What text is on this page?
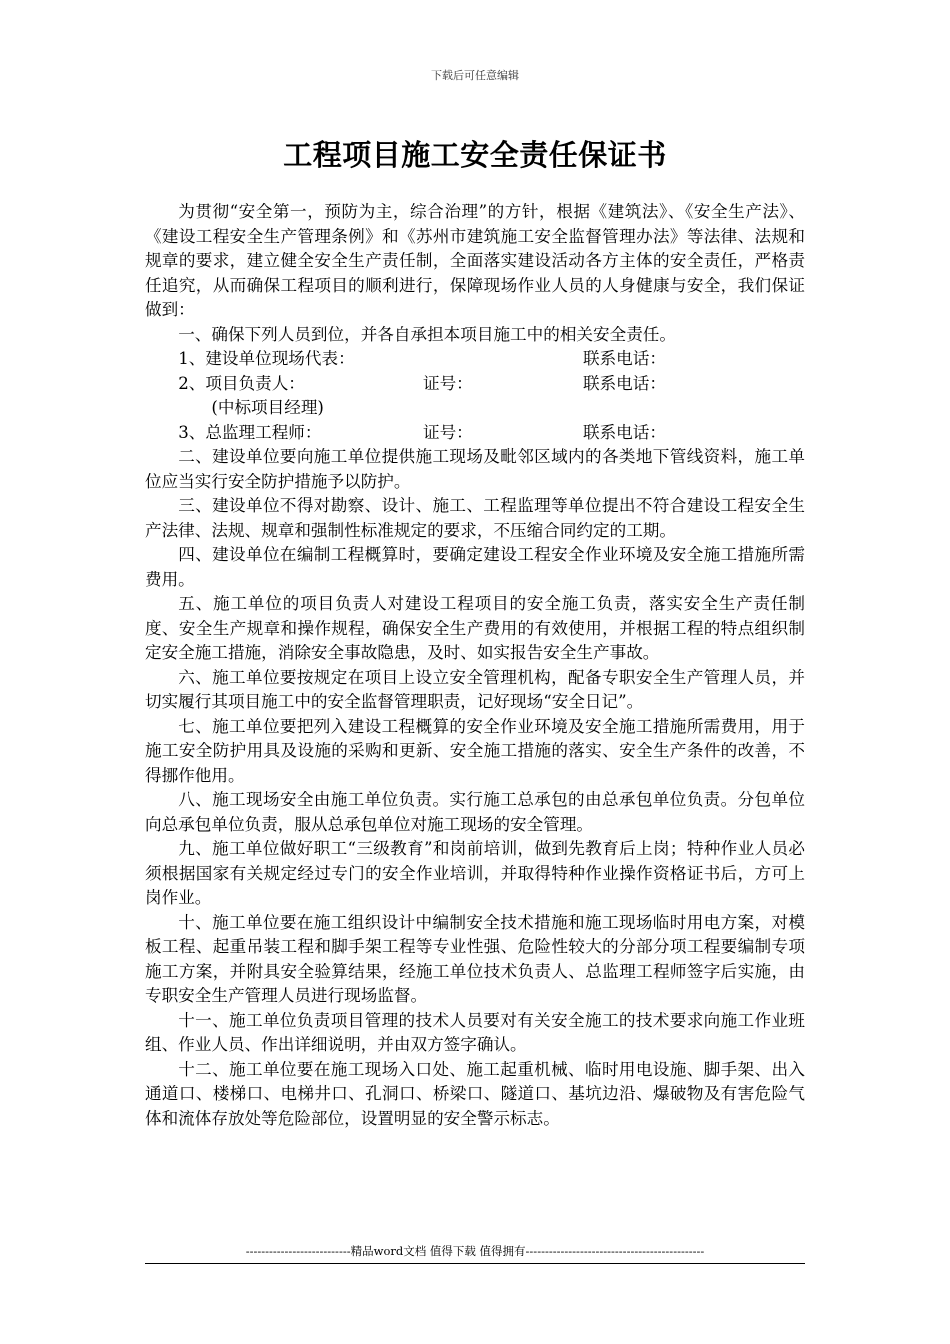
下载后可任意编辑
工程项目施工安全责任保证书

为贯彻“安全第一，预防为主，综合治理”的方针，根据《建筑法》、《安全生产法》、《建设工程安全生产管理条例》和《苏州市建筑施工安全监督管理办法》等法律、法规和规章的要求，建立健全安全生产责任制，全面落实建设活动各方主体的安全责任，严格责任追究，从而确保工程项目的顺利进行，保障现场作业人员的人身健康与安全，我们保证做到：

一、确保下列人员到位，并各自承担本项目施工中的相关安全责任。

1、建设单位现场代表：	联系电话：
2、项目负责人：	证号：	联系电话：

(中标项目经理)

3、总监理工程师：	证号：	联系电话：

二、建设单位要向施工单位提供施工现场及毗邻区域内的各类地下管线资料，施工单位应当实行安全防护措施予以防护。

三、建设单位不得对勘察、设计、施工、工程监理等单位提出不符合建设工程安全生产法律、法规、规章和强制性标准规定的要求，不压缩合同约定的工期。

四、建设单位在编制工程概算时，要确定建设工程安全作业环境及安全施工措施所需费用。

五、施工单位的项目负责人对建设工程项目的安全施工负责，落实安全生产责任制度、安全生产规章和操作规程，确保安全生产费用的有效使用，并根据工程的特点组织制定安全施工措施，消除安全事故隐患，及时、如实报告安全生产事故。

六、施工单位要按规定在项目上设立安全管理机构，配备专职安全生产管理人员，并切实履行其项目施工中的安全监督管理职责，记好现场“安全日记”。

七、施工单位要把列入建设工程概算的安全作业环境及安全施工措施所需费用，用于施工安全防护用具及设施的采购和更新、安全施工措施的落实、安全生产条件的改善，不得挪作他用。

八、施工现场安全由施工单位负责。实行施工总承包的由总承包单位负责。分包单位向总承包单位负责，服从总承包单位对施工现场的安全管理。

九、施工单位做好职工“三级教育”和岗前培训，做到先教育后上岗；特种作业人员必须根据国家有关规定经过专门的安全作业培训，并取得特种作业操作资格证书后，方可上岗作业。

十、施工单位要在施工组织设计中编制安全技术措施和施工现场临时用电方案，对模板工程、起重吊装工程和脚手架工程等专业性强、危险性较大的分部分项工程要编制专项施工方案，并附具安全验算结果，经施工单位技术负责人、总监理工程师签字后实施，由专职安全生产管理人员进行现场监督。

十一、施工单位负责项目管理的技术人员要对有关安全施工的技术要求向施工作业班组、作业人员、作出详细说明，并由双方签字确认。

十二、施工单位要在施工现场入口处、施工起重机械、临时用电设施、脚手架、出入通道口、楼梯口、电梯井口、孔洞口、桥梁口、隧道口、基坑边沿、爆破物及有害危险气体和流体存放处等危险部位，设置明显的安全警示标志。

---------------------------精品word文档 值得下载 值得拥有----------------------------------------------
